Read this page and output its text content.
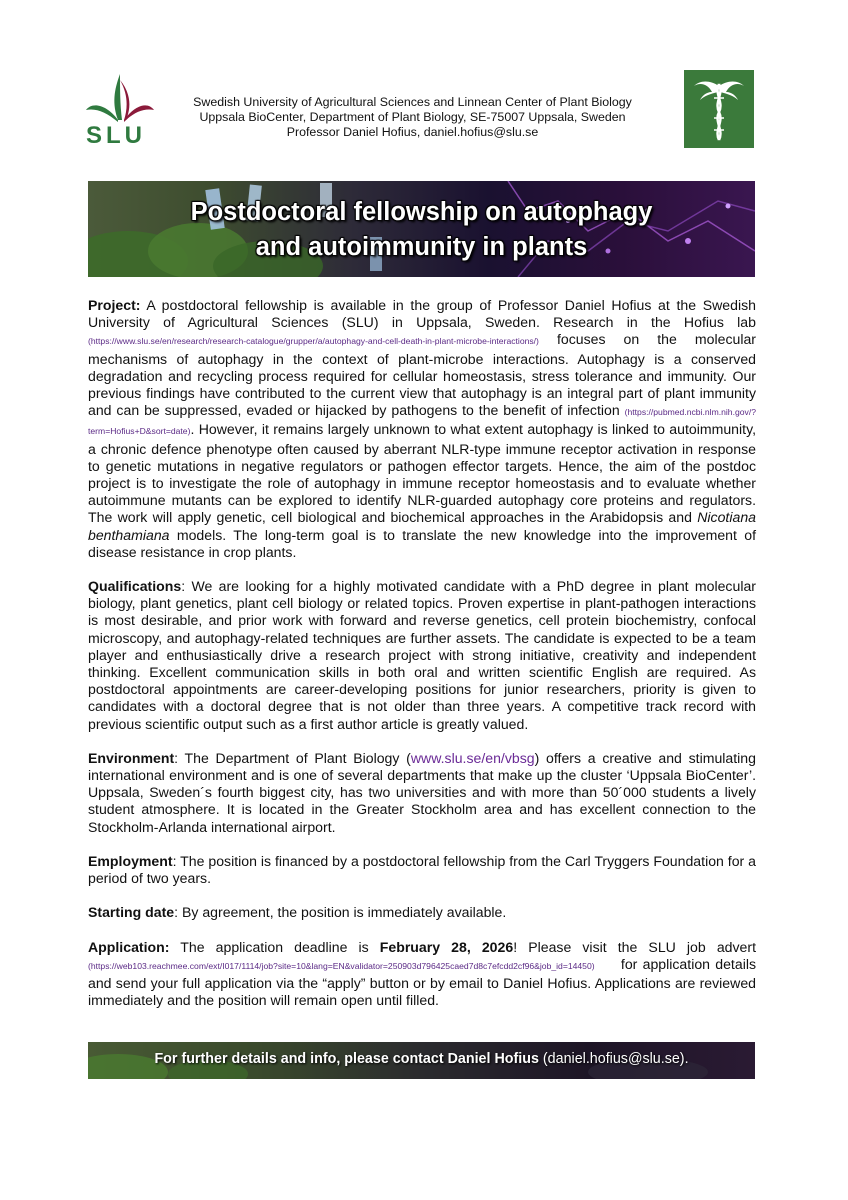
SLU
Swedish University of Agricultural Sciences and Linnean Center of Plant Biology
Uppsala BioCenter, Department of Plant Biology, SE-75007 Uppsala, Sweden
Professor Daniel Hofius, daniel.hofius@slu.se
Postdoctoral fellowship on autophagy
and autoimmunity in plants

Project: A postdoctoral fellowship is available in the group of Professor Daniel Hofius at the Swedish University of Agricultural Sciences (SLU) in Uppsala, Sweden. Research in the Hofius lab (https://www.slu.se/en/research/research-catalogue/grupper/a/autophagy-and-cell-death-in-plant-microbe-interactions/) focuses on the molecular mechanisms of autophagy in the context of plant-microbe interactions. Autophagy is a conserved degradation and recycling process required for cellular homeostasis, stress tolerance and immunity. Our previous findings have contributed to the current view that autophagy is an integral part of plant immunity and can be suppressed, evaded or hijacked by pathogens to the benefit of infection (https://pubmed.ncbi.nlm.nih.gov/?term=Hofius+D&sort=date). However, it remains largely unknown to what extent autophagy is linked to autoimmunity, a chronic defence phenotype often caused by aberrant NLR-type immune receptor activation in response to genetic mutations in negative regulators or pathogen effector targets. Hence, the aim of the postdoc project is to investigate the role of autophagy in immune receptor homeostasis and to evaluate whether autoimmune mutants can be explored to identify NLR-guarded autophagy core proteins and regulators. The work will apply genetic, cell biological and biochemical approaches in the Arabidopsis and Nicotiana benthamiana models. The long-term goal is to translate the new knowledge into the improvement of disease resistance in crop plants.

Qualifications: We are looking for a highly motivated candidate with a PhD degree in plant molecular biology, plant genetics, plant cell biology or related topics. Proven expertise in plant-pathogen interactions is most desirable, and prior work with forward and reverse genetics, cell protein biochemistry, confocal microscopy, and autophagy-related techniques are further assets. The candidate is expected to be a team player and enthusiastically drive a research project with strong initiative, creativity and independent thinking. Excellent communication skills in both oral and written scientific English are required. As postdoctoral appointments are career-developing positions for junior researchers, priority is given to candidates with a doctoral degree that is not older than three years. A competitive track record with previous scientific output such as a first author article is greatly valued.

Environment: The Department of Plant Biology (www.slu.se/en/vbsg) offers a creative and stimulating international environment and is one of several departments that make up the cluster ‘Uppsala BioCenter’. Uppsala, Sweden´s fourth biggest city, has two universities and with more than 50´000 students a lively student atmosphere. It is located in the Greater Stockholm area and has excellent connection to the Stockholm-Arlanda international airport.

Employment: The position is financed by a postdoctoral fellowship from the Carl Tryggers Foundation for a period of two years.

Starting date: By agreement, the position is immediately available.

Application: The application deadline is February 28, 2026! Please visit the SLU job advert (https://web103.reachmee.com/ext/I017/1114/job?site=10&lang=EN&validator=250903d796425caed7d8c7efcdd2cf96&job_id=14450)     for application details and send your full application via the “apply” button or by email to Daniel Hofius. Applications are reviewed immediately and the position will remain open until filled.

For further details and info, please contact Daniel Hofius (daniel.hofius@slu.se).
